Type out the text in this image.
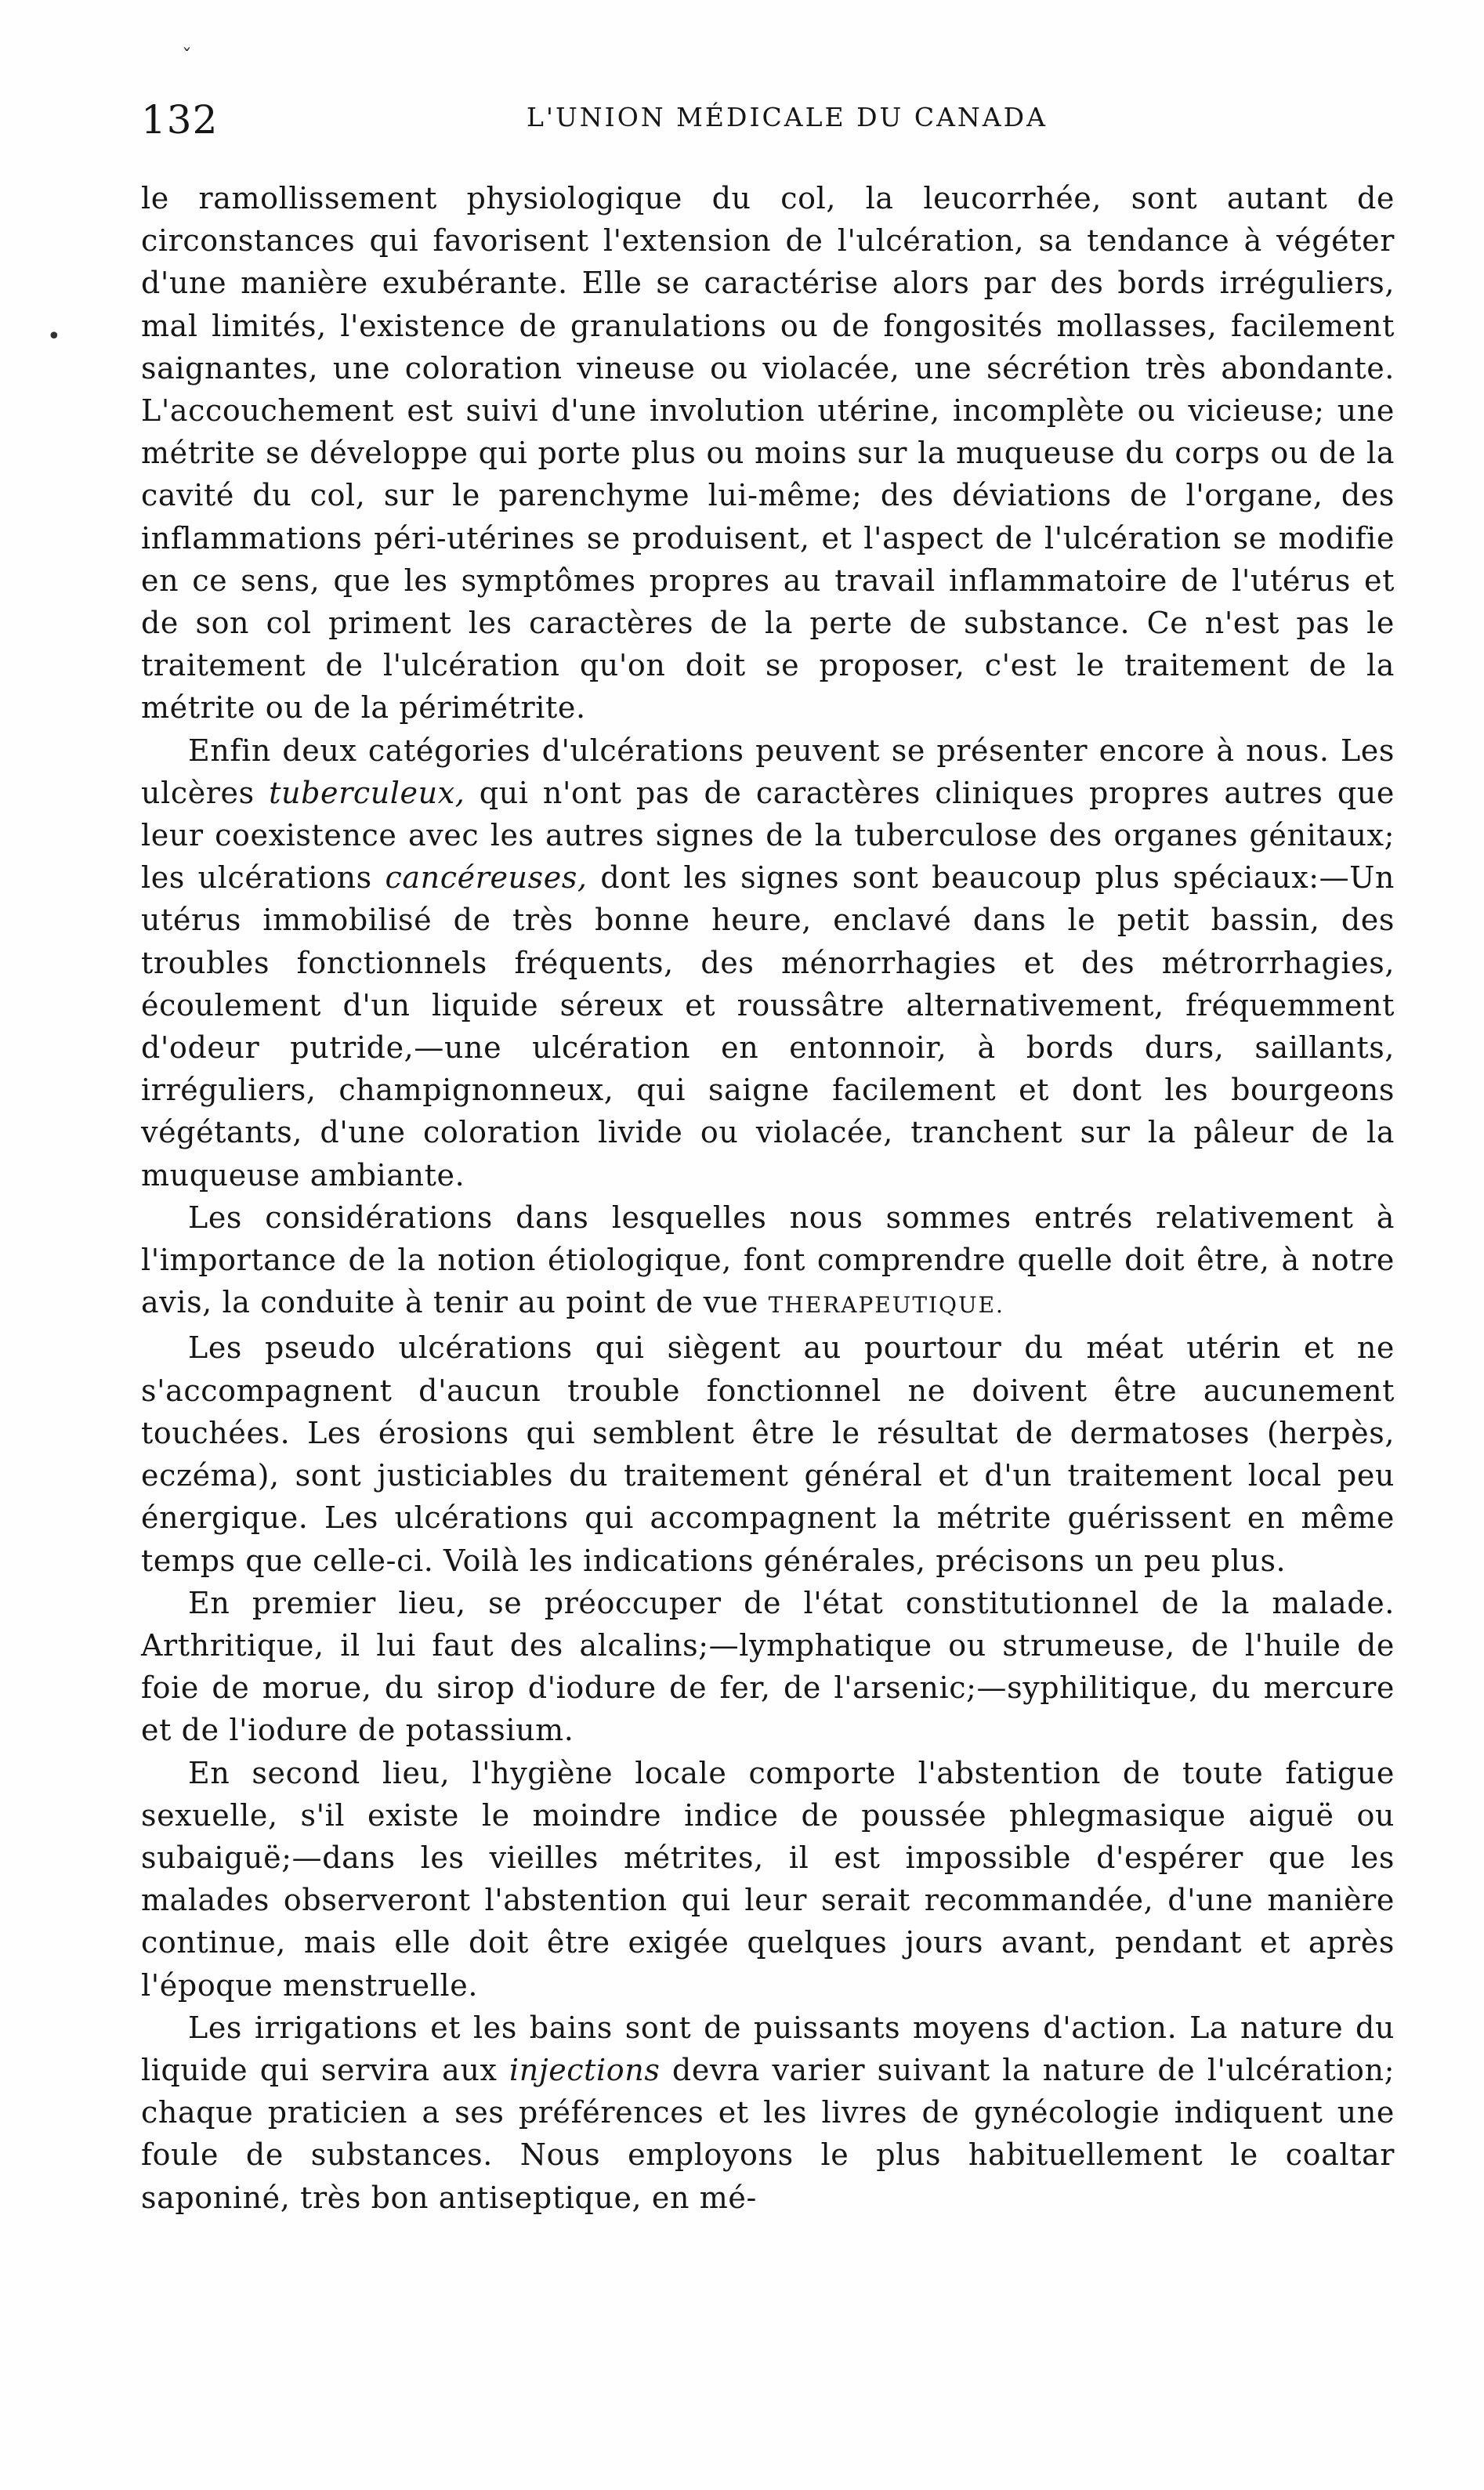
132	L'UNION MÉDICALE DU CANADA

le ramollissement physiologique du col, la leucorrhée, sont autant de circonstances qui favorisent l'extension de l'ulcération, sa tendance à végéter d'une manière exubérante. Elle se caractérise alors par des bords irréguliers, mal limités, l'existence de granulations ou de fongosités mollasses, facilement saignantes, une coloration vineuse ou violacée, une sécrétion très abondante. L'accouchement est suivi d'une involution utérine, incomplète ou vicieuse; une métrite se développe qui porte plus ou moins sur la muqueuse du corps ou de la cavité du col, sur le parenchyme lui-même; des déviations de l'organe, des inflammations péri-utérines se produisent, et l'aspect de l'ulcération se modifie en ce sens, que les symptômes propres au travail inflammatoire de l'utérus et de son col priment les caractères de la perte de substance. Ce n'est pas le traitement de l'ulcération qu'on doit se proposer, c'est le traitement de la métrite ou de la périmétrite.

Enfin deux catégories d'ulcérations peuvent se présenter encore à nous. Les ulcères tuberculeux, qui n'ont pas de caractères cliniques propres autres que leur coexistence avec les autres signes de la tuberculose des organes génitaux; les ulcérations cancéreuses, dont les signes sont beaucoup plus spéciaux:—Un utérus immobilisé de très bonne heure, enclavé dans le petit bassin, des troubles fonctionnels fréquents, des ménorrhagies et des métrorrhagies, écoulement d'un liquide séreux et roussâtre alternativement, fréquemment d'odeur putride,—une ulcération en entonnoir, à bords durs, saillants, irréguliers, champignonneux, qui saigne facilement et dont les bourgeons végétants, d'une coloration livide ou violacée, tranchent sur la pâleur de la muqueuse ambiante.

Les considérations dans lesquelles nous sommes entrés relativement à l'importance de la notion étiologique, font comprendre quelle doit être, à notre avis, la conduite à tenir au point de vue THERAPEUTIQUE.

Les pseudo ulcérations qui siègent au pourtour du méat utérin et ne s'accompagnent d'aucun trouble fonctionnel ne doivent être aucunement touchées. Les érosions qui semblent être le résultat de dermatoses (herpès, eczéma), sont justiciables du traitement général et d'un traitement local peu énergique. Les ulcérations qui accompagnent la métrite guérissent en même temps que celle-ci. Voilà les indications générales, précisons un peu plus.

En premier lieu, se préoccuper de l'état constitutionnel de la malade. Arthritique, il lui faut des alcalins;—lymphatique ou strumeuse, de l'huile de foie de morue, du sirop d'iodure de fer, de l'arsenic;—syphilitique, du mercure et de l'iodure de potassium.

En second lieu, l'hygiène locale comporte l'abstention de toute fatigue sexuelle, s'il existe le moindre indice de poussée phlegmasique aiguë ou subaiguë;—dans les vieilles métrites, il est impossible d'espérer que les malades observeront l'abstention qui leur serait recommandée, d'une manière continue, mais elle doit être exigée quelques jours avant, pendant et après l'époque menstruelle.

Les irrigations et les bains sont de puissants moyens d'action. La nature du liquide qui servira aux injections devra varier suivant la nature de l'ulcération; chaque praticien a ses préférences et les livres de gynécologie indiquent une foule de substances. Nous employons le plus habituellement le coaltar saponiné, très bon antiseptique, en mé-

ˇ
•
